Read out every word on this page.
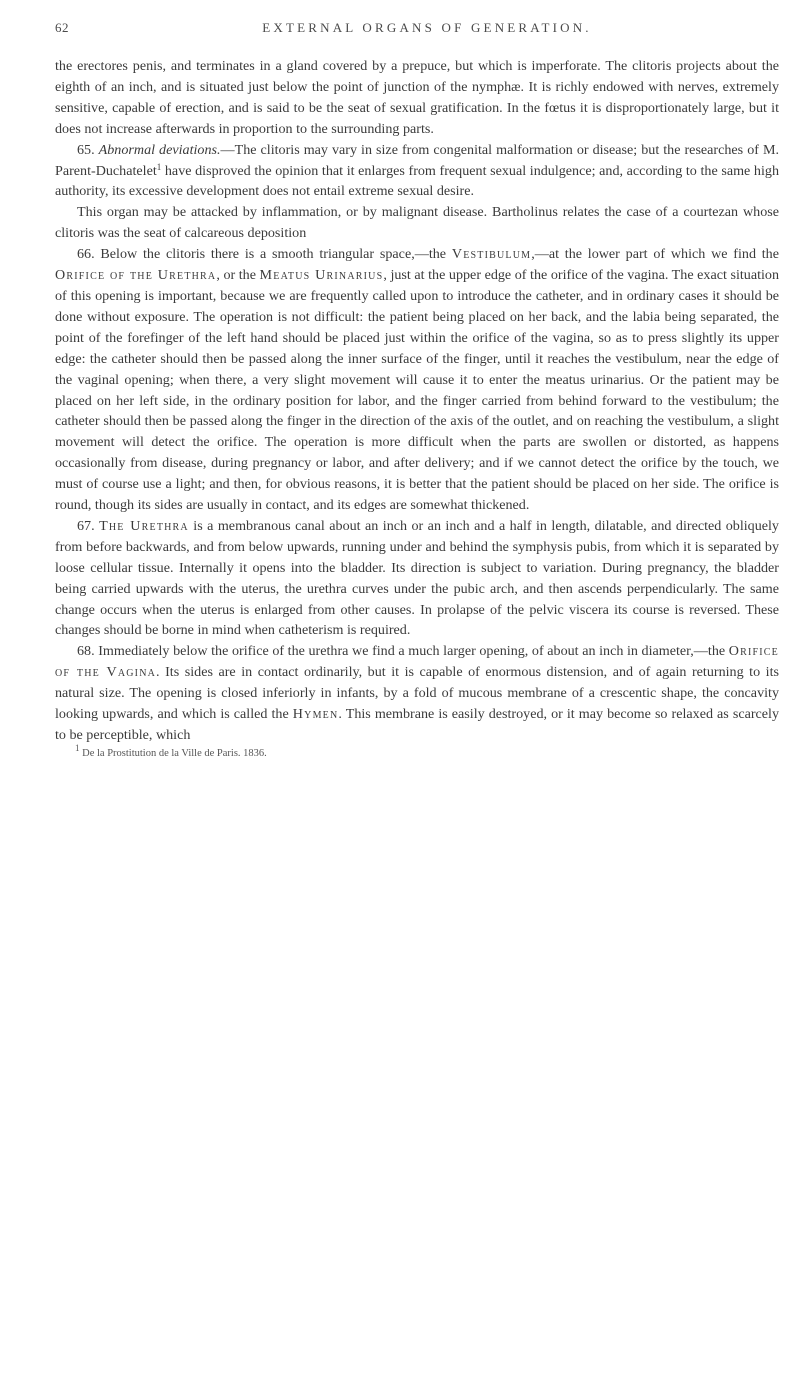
62	EXTERNAL ORGANS OF GENERATION.

the erectores penis, and terminates in a gland covered by a prepuce, but which is imperforate. The clitoris projects about the eighth of an inch, and is situated just below the point of junction of the nymphæ. It is richly endowed with nerves, extremely sensitive, capable of erection, and is said to be the seat of sexual gratification. In the fœtus it is disproportionately large, but it does not increase afterwards in proportion to the surrounding parts.

65. Abnormal deviations.—The clitoris may vary in size from congenital malformation or disease; but the researches of M. Parent-Duchatelet$^1$ have disproved the opinion that it enlarges from frequent sexual indulgence; and, according to the same high authority, its excessive development does not entail extreme sexual desire.

This organ may be attacked by inflammation, or by malignant disease. Bartholinus relates the case of a courtezan whose clitoris was the seat of calcareous deposition

66. Below the clitoris there is a smooth triangular space,—the Vestibulum,—at the lower part of which we find the Orifice of the Urethra, or the Meatus Urinarius, just at the upper edge of the orifice of the vagina. The exact situation of this opening is important, because we are frequently called upon to introduce the catheter, and in ordinary cases it should be done without exposure. The operation is not difficult: the patient being placed on her back, and the labia being separated, the point of the forefinger of the left hand should be placed just within the orifice of the vagina, so as to press slightly its upper edge: the catheter should then be passed along the inner surface of the finger, until it reaches the vestibulum, near the edge of the vaginal opening; when there, a very slight movement will cause it to enter the meatus urinarius. Or the patient may be placed on her left side, in the ordinary position for labor, and the finger carried from behind forward to the vestibulum; the catheter should then be passed along the finger in the direction of the axis of the outlet, and on reaching the vestibulum, a slight movement will detect the orifice. The operation is more difficult when the parts are swollen or distorted, as happens occasionally from disease, during pregnancy or labor, and after delivery; and if we cannot detect the orifice by the touch, we must of course use a light; and then, for obvious reasons, it is better that the patient should be placed on her side. The orifice is round, though its sides are usually in contact, and its edges are somewhat thickened.

67. The Urethra is a membranous canal about an inch or an inch and a half in length, dilatable, and directed obliquely from before backwards, and from below upwards, running under and behind the symphysis pubis, from which it is separated by loose cellular tissue. Internally it opens into the bladder. Its direction is subject to variation. During pregnancy, the bladder being carried upwards with the uterus, the urethra curves under the pubic arch, and then ascends perpendicularly. The same change occurs when the uterus is enlarged from other causes. In prolapse of the pelvic viscera its course is reversed. These changes should be borne in mind when catheterism is required.

68. Immediately below the orifice of the urethra we find a much larger opening, of about an inch in diameter,—the Orifice of the Vagina. Its sides are in contact ordinarily, but it is capable of enormous distension, and of again returning to its natural size. The opening is closed inferiorly in infants, by a fold of mucous membrane of a crescentic shape, the concavity looking upwards, and which is called the Hymen. This membrane is easily destroyed, or it may become so relaxed as scarcely to be perceptible, which

$^1$ De la Prostitution de la Ville de Paris. 1836.
